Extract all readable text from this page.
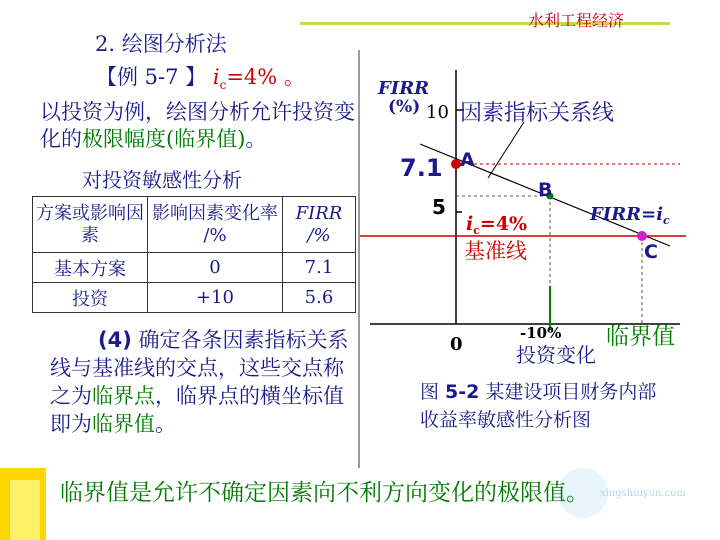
水利工程经济
2. 绘图分析法
【例 5-7 】 $i_c=4\%$ 。
以投资为例，绘图分析允许投资变化的极限幅度(临界值)。
对投资敏感性分析
方案或影响因素	影响因素变化率 /%	FIRR /%
基本方案	0	7.1
投资	+10	5.6
(4) 确定各条因素指标关系线与基准线的交点，这些交点称之为临界点，临界点的横坐标值即为临界值。
10
5
FIRR
(%)
7.1 A
B
C
因素指标关系线
$FIRR=i_c$
$i_c=4\%$
基准线
0
-10% 临界值
投资变化
图 5-2 某建设项目财务内部收益率敏感性分析图
xingshuiyun.com
临界值是允许不确定因素向不利方向变化的极限值。
